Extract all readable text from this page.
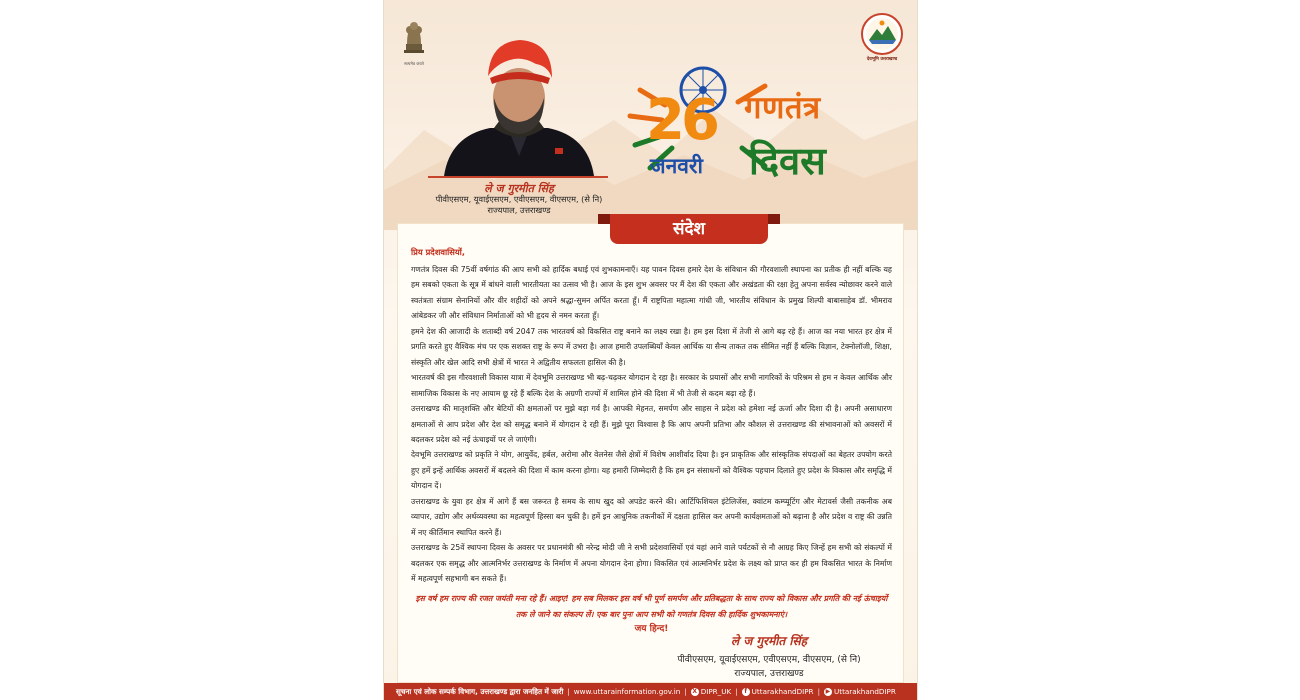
सत्यमेव जयते
देवभूमि उत्तराखण्ड
ले ज गुरमीत सिंह
पीवीएसएम, यूवाईएसएम, एवीएसएम, वीएसएम, (से नि)
राज्यपाल, उत्तराखण्ड
26
जनवरी
गणतंत्र
दिवस
संदेश
प्रिय प्रदेशवासियों,

गणतंत्र दिवस की 75वीं वर्षगांठ की आप सभी को हार्दिक बधाई एवं शुभकामनाएँ। यह पावन दिवस हमारे देश के संविधान की गौरवशाली स्थापना का प्रतीक ही नहीं बल्कि यह हम सबको एकता के सूत्र में बांधने वाली भारतीयता का उत्सव भी है। आज के इस शुभ अवसर पर मैं देश की एकता और अखंडता की रक्षा हेतु अपना सर्वस्व न्योछावर करने वाले स्वतंत्रता संग्राम सेनानियों और वीर शहीदों को अपने श्रद्धा-सुमन अर्पित करता हूँ। मैं राष्ट्रपिता महात्मा गांधी जी, भारतीय संविधान के प्रमुख शिल्पी बाबासाहेब डॉ. भीमराव आंबेडकर जी और संविधान निर्माताओं को भी हृदय से नमन करता हूँ।

हमने देश की आजादी के शताब्दी वर्ष 2047 तक भारतवर्ष को विकसित राष्ट्र बनाने का लक्ष्य रखा है। हम इस दिशा में तेजी से आगे बढ़ रहे हैं। आज का नया भारत हर क्षेत्र में प्रगति करते हुए वैश्विक मंच पर एक सशक्त राष्ट्र के रूप में उभरा है। आज हमारी उपलब्धियाँ केवल आर्थिक या सैन्य ताकत तक सीमित नहीं हैं बल्कि विज्ञान, टेक्नोलॉजी, शिक्षा, संस्कृति और खेल आदि सभी क्षेत्रों में भारत ने अद्वितीय सफलता हासिल की है।

भारतवर्ष की इस गौरवशाली विकास यात्रा में देवभूमि उत्तराखण्ड भी बढ़-चढ़कर योगदान दे रहा है। सरकार के प्रयासों और सभी नागरिकों के परिश्रम से हम न केवल आर्थिक और सामाजिक विकास के नए आयाम छू रहे हैं बल्कि देश के अग्रणी राज्यों में शामिल होने की दिशा में भी तेजी से कदम बढ़ा रहे हैं।

उत्तराखण्ड की मातृशक्ति और बेटियों की क्षमताओं पर मुझे बड़ा गर्व है। आपकी मेहनत, समर्पण और साहस ने प्रदेश को हमेशा नई ऊर्जा और दिशा दी है। अपनी असाधारण क्षमताओं से आप प्रदेश और देश को समृद्ध बनाने में योगदान दे रही हैं। मुझे पूरा विश्वास है कि आप अपनी प्रतिभा और कौशल से उत्तराखण्ड की संभावनाओं को अवसरों में बदलकर प्रदेश को नई ऊंचाइयों पर ले जाएंगी।

देवभूमि उत्तराखण्ड को प्रकृति ने योग, आयुर्वेद, हर्बल, अरोमा और वेलनेस जैसे क्षेत्रों में विशेष आशीर्वाद दिया है। इन प्राकृतिक और सांस्कृतिक संपदाओं का बेहतर उपयोग करते हुए हमें इन्हें आर्थिक अवसरों में बदलने की दिशा में काम करना होगा। यह हमारी जिम्मेदारी है कि हम इन संसाधनों को वैश्विक पहचान दिलाते हुए प्रदेश के विकास और समृद्धि में योगदान दें।

उत्तराखण्ड के युवा हर क्षेत्र में आगे हैं बस जरूरत है समय के साथ खुद को अपडेट करने की। आर्टिफिशियल इंटेलिजेंस, क्वांटम कम्प्यूटिंग और मेटावर्स जैसी तकनीक अब व्यापार, उद्योग और अर्थव्यवस्था का महत्वपूर्ण हिस्सा बन चुकी है। हमें इन आधुनिक तकनीकों में दक्षता हासिल कर अपनी कार्यक्षमताओं को बढ़ाना है और प्रदेश व राष्ट्र की उन्नति में नए कीर्तिमान स्थापित करने हैं।

उत्तराखण्ड के 25वें स्थापना दिवस के अवसर पर प्रधानमंत्री श्री नरेन्द्र मोदी जी ने सभी प्रदेशवासियों एवं यहां आने वाले पर्यटकों से नौ आग्रह किए जिन्हें हम सभी को संकल्पों में बदलकर एक समृद्ध और आत्मनिर्भर उत्तराखण्ड के निर्माण में अपना योगदान देना होगा। विकसित एवं आत्मनिर्भर प्रदेश के लक्ष्य को प्राप्त कर ही हम विकसित भारत के निर्माण में महत्वपूर्ण सहभागी बन सकते हैं।

इस वर्ष हम राज्य की रजत जयंती मना रहे हैं। आइए! हम सब मिलकर इस वर्ष भी पूर्ण समर्पण और प्रतिबद्धता के साथ राज्य को विकास और प्रगति की नई ऊंचाइयों तक ले जाने का संकल्प लें। एक बार पुनः आप सभी को गणतंत्र दिवस की हार्दिक शुभकामनाएं।
जय हिन्द!
ले ज गुरमीत सिंह
पीवीएसएम, यूवाईएसएम, एवीएसएम, वीएसएम, (से नि)
राज्यपाल, उत्तराखण्ड
सूचना एवं लोक सम्पर्क विभाग, उत्तराखण्ड द्वारा जनहित में जारी | www.uttarainformation.gov.in | X DIPR_UK |	f UttarakhandDIPR | ▶ UttarakhandDIPR
